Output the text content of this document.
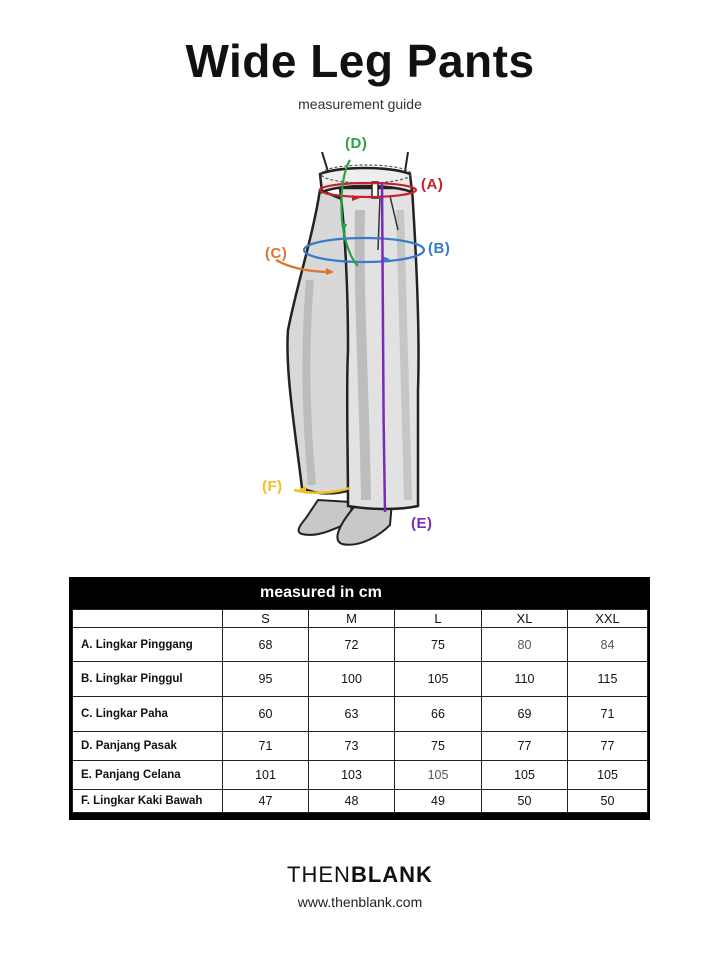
Wide Leg Pants
measurement guide
(A)
(B)
(C)
(D)
(E)
(F)
measured in cm
	S	M	L	XL	XXL
A. Lingkar Pinggang	68	72	75	80	84
B. Lingkar Pinggul	95	100	105	110	115
C. Lingkar Paha	60	63	66	69	71
D. Panjang Pasak	71	73	75	77	77
E. Panjang Celana	101	103	105	105	105
F. Lingkar Kaki Bawah	47	48	49	50	50
THENBLANK
www.thenblank.com
